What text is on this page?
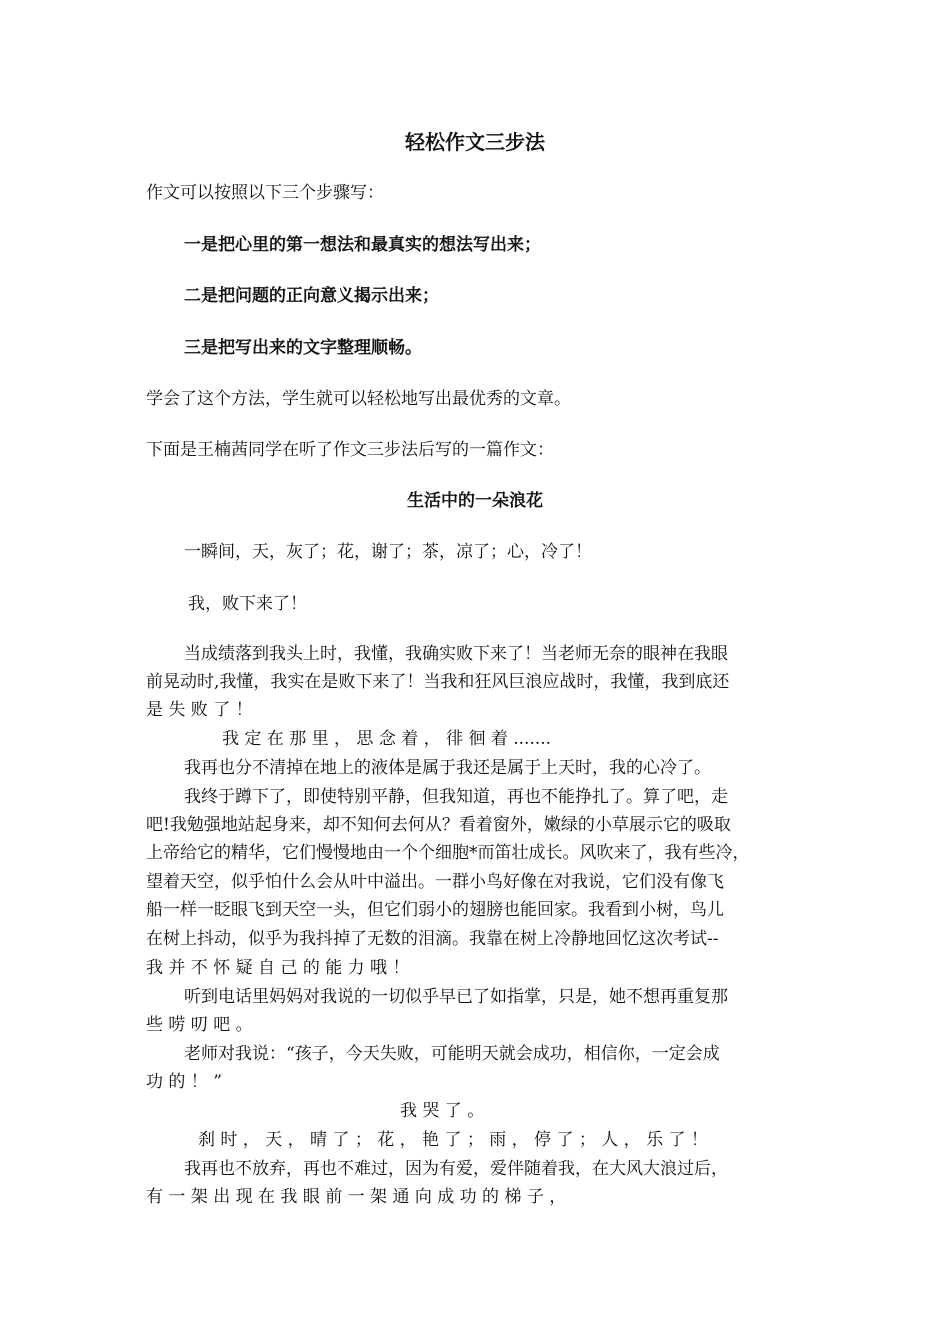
轻松作文三步法
作文可以按照以下三个步骤写：
一是把心里的第一想法和最真实的想法写出来；
二是把问题的正向意义揭示出来；
三是把写出来的文字整理顺畅。
学会了这个方法，学生就可以轻松地写出最优秀的文章。
下面是王楠茜同学在听了作文三步法后写的一篇作文：
生活中的一朵浪花
一瞬间，天，灰了；花，谢了；茶，凉了；心，冷了！
我，败下来了！
当成绩落到我头上时，我懂，我确实败下来了！当老师无奈的眼神在我眼
前晃动时,我懂，我实在是败下来了！当我和狂风巨浪应战时，我懂，我到底还
是 失 败 了 ！
我 定 在 那 里 ， 思 念 着 ， 徘 徊 着 .......
我再也分不清掉在地上的液体是属于我还是属于上天时，我的心冷了。
我终于蹲下了，即使特别平静，但我知道，再也不能挣扎了。算了吧，走
吧!我勉强地站起身来，却不知何去何从？看着窗外，嫩绿的小草展示它的吸取
上帝给它的精华，它们慢慢地由一个个细胞*而笛壮成长。风吹来了，我有些冷，
望着天空，似乎怕什么会从叶中溢出。一群小鸟好像在对我说，它们没有像飞
船一样一眨眼飞到天空一头，但它们弱小的翅膀也能回家。我看到小树，鸟儿
在树上抖动，似乎为我抖掉了无数的泪滴。我靠在树上冷静地回忆这次考试--
我 并 不 怀 疑 自 己 的 能 力 哦 ！
听到电话里妈妈对我说的一切似乎早已了如指掌，只是，她不想再重复那
些 唠 叨 吧 。
老师对我说：“孩子，今天失败，可能明天就会成功，相信你，一定会成
功 的 ！ ”
我 哭 了 。
刹 时 ， 天 ， 晴 了 ； 花 ， 艳 了 ； 雨 ， 停 了 ； 人 ， 乐 了 ！
我再也不放弃，再也不难过，因为有爱，爱伴随着我，在大风大浪过后，
有 一 架 出 现 在 我 眼 前 一 架 通 向 成 功 的 梯 子 ，
